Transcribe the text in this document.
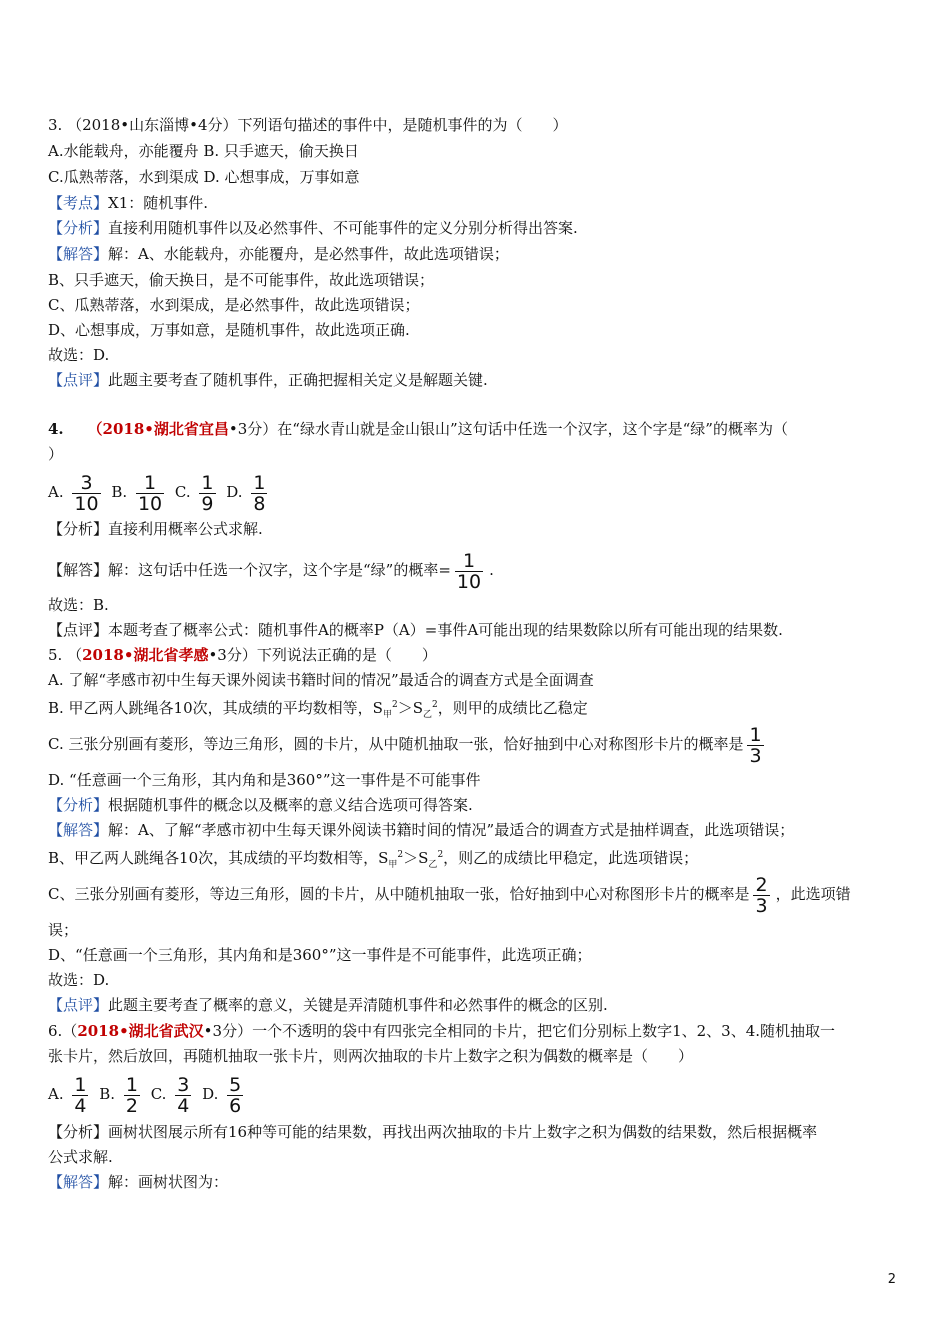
3. （2018•山东淄博•4分）下列语句描述的事件中，是随机事件的为（　　）
A.水能载舟，亦能覆舟 B. 只手遮天，偷天换日
C.瓜熟蒂落，水到渠成 D. 心想事成，万事如意
【考点】X1：随机事件.
【分析】直接利用随机事件以及必然事件、不可能事件的定义分别分析得出答案.
【解答】解：A、水能载舟，亦能覆舟，是必然事件，故此选项错误；
B、只手遮天，偷天换日，是不可能事件，故此选项错误；
C、瓜熟蒂落，水到渠成，是必然事件，故此选项错误；
D、心想事成，万事如意，是随机事件，故此选项正确.
故选：D.
【点评】此题主要考查了随机事件，正确把握相关定义是解题关键.
4. （2018•湖北省宜昌•3分）在“绿水青山就是金山银山”这句话中任选一个汉字，这个字是“绿”的概率为（
）
A. $\frac{3}{10} B$. $\frac{1}{10} C$. $\frac{1}{9} D$. $\frac{1}{8}$
【分析】直接利用概率公式求解.
【解答】解：这句话中任选一个汉字，这个字是“绿”的概率= $\frac{1}{10}$ .
故选：B.
【点评】本题考查了概率公式：随机事件A的概率P（A）=事件A可能出现的结果数除以所有可能出现的结果数.
5. （2018•湖北省孝感•3分）下列说法正确的是（　　）
A. 了解“孝感市初中生每天课外阅读书籍时间的情况”最适合的调查方式是全面调查
B. 甲乙两人跳绳各10次，其成绩的平均数相等，$S_甲^2>S_乙^2$，则甲的成绩比乙稳定
C. 三张分别画有菱形，等边三角形，圆的卡片，从中随机抽取一张，恰好抽到中心对称图形卡片的概率是 $\frac{1}{3}$
D. “任意画一个三角形，其内角和是360°”这一事件是不可能事件
【分析】根据随机事件的概念以及概率的意义结合选项可得答案.
【解答】解：A、了解“孝感市初中生每天课外阅读书籍时间的情况”最适合的调查方式是抽样调查，此选项错误；
B、甲乙两人跳绳各10次，其成绩的平均数相等，$S_甲^2>S_乙^2$，则乙的成绩比甲稳定，此选项错误；
C、三张分别画有菱形，等边三角形，圆的卡片，从中随机抽取一张，恰好抽到中心对称图形卡片的概率是 $\frac{2}{3}$ ，此选项错
误；
D、“任意画一个三角形，其内角和是360°”这一事件是不可能事件，此选项正确；
故选：D.
【点评】此题主要考查了概率的意义，关键是弄清随机事件和必然事件的概念的区别.
6.（2018•湖北省武汉•3分）一个不透明的袋中有四张完全相同的卡片，把它们分别标上数字1、2、3、4.随机抽取一
张卡片，然后放回，再随机抽取一张卡片，则两次抽取的卡片上数字之积为偶数的概率是（　　）
A. $\frac{1}{4} B$. $\frac{1}{2} C$. $\frac{3}{4} D$. $\frac{5}{6}$
【分析】画树状图展示所有16种等可能的结果数，再找出两次抽取的卡片上数字之积为偶数的结果数，然后根据概率
公式求解.
【解答】解：画树状图为：
2
